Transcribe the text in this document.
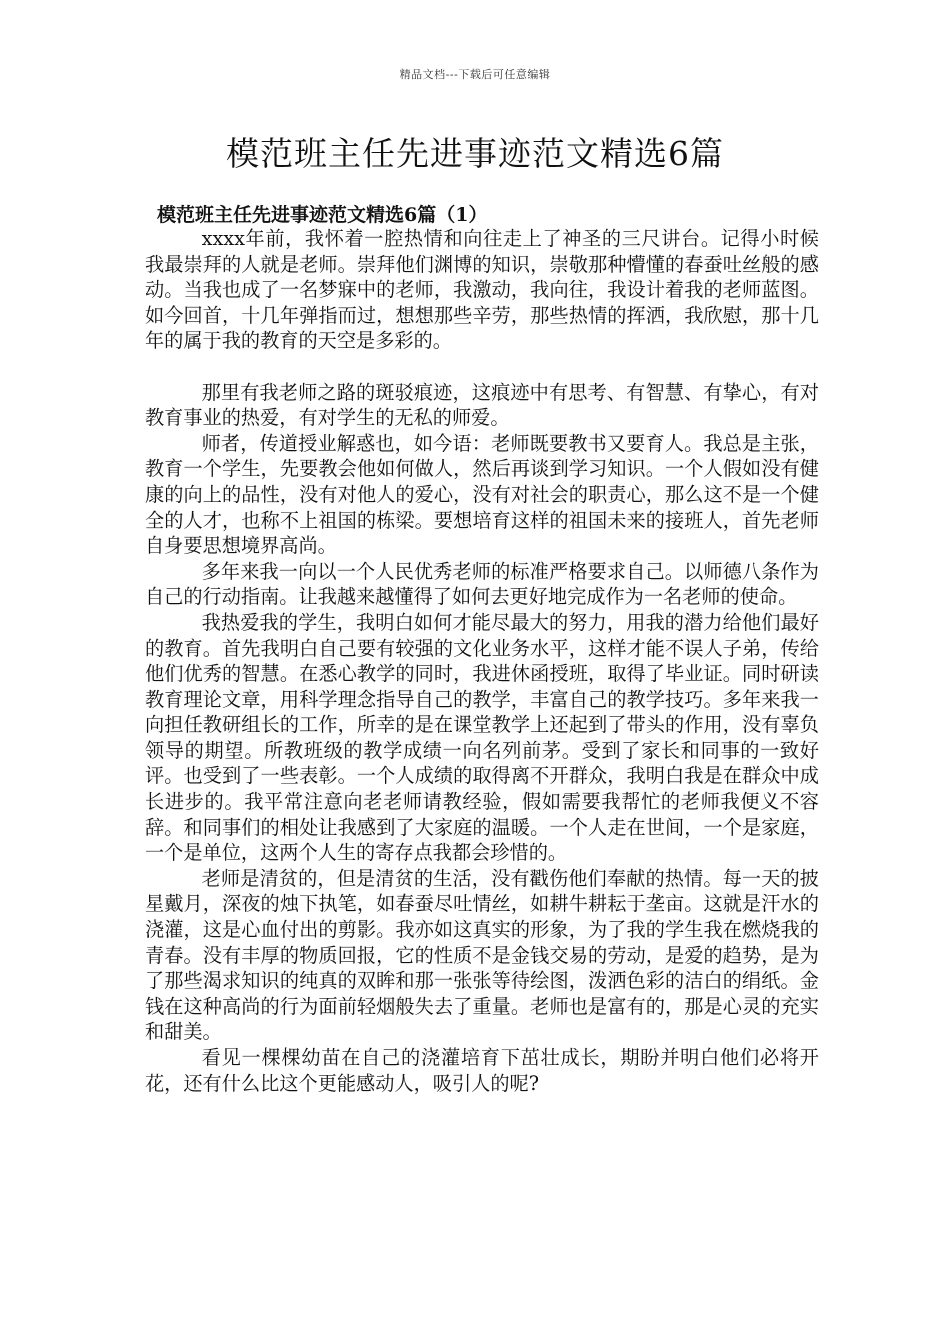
精品文档---下载后可任意编辑
模范班主任先进事迹范文精选6篇
模范班主任先进事迹范文精选6篇（1）

xxxx年前，我怀着一腔热情和向往走上了神圣的三尺讲台。记得小时候我最崇拜的人就是老师。崇拜他们渊博的知识，崇敬那种懵懂的春蚕吐丝般的感动。当我也成了一名梦寐中的老师，我激动，我向往，我设计着我的老师蓝图。如今回首，十几年弹指而过，想想那些辛劳，那些热情的挥洒，我欣慰，那十几年的属于我的教育的天空是多彩的。

那里有我老师之路的斑驳痕迹，这痕迹中有思考、有智慧、有挚心，有对教育事业的热爱，有对学生的无私的师爱。

师者，传道授业解惑也，如今语：老师既要教书又要育人。我总是主张，教育一个学生，先要教会他如何做人，然后再谈到学习知识。一个人假如没有健康的向上的品性，没有对他人的爱心，没有对社会的职责心，那么这不是一个健全的人才，也称不上祖国的栋梁。要想培育这样的祖国未来的接班人，首先老师自身要思想境界高尚。

多年来我一向以一个人民优秀老师的标准严格要求自己。以师德八条作为自己的行动指南。让我越来越懂得了如何去更好地完成作为一名老师的使命。

我热爱我的学生，我明白如何才能尽最大的努力，用我的潜力给他们最好的教育。首先我明白自己要有较强的文化业务水平，这样才能不误人子弟，传给他们优秀的智慧。在悉心教学的同时，我进休函授班，取得了毕业证。同时研读教育理论文章，用科学理念指导自己的教学，丰富自己的教学技巧。多年来我一向担任教研组长的工作，所幸的是在课堂教学上还起到了带头的作用，没有辜负领导的期望。所教班级的教学成绩一向名列前茅。受到了家长和同事的一致好评。也受到了一些表彰。一个人成绩的取得离不开群众，我明白我是在群众中成长进步的。我平常注意向老老师请教经验，假如需要我帮忙的老师我便义不容辞。和同事们的相处让我感到了大家庭的温暖。一个人走在世间，一个是家庭，一个是单位，这两个人生的寄存点我都会珍惜的。

老师是清贫的，但是清贫的生活，没有戳伤他们奉献的热情。每一天的披星戴月，深夜的烛下执笔，如春蚕尽吐情丝，如耕牛耕耘于垄亩。这就是汗水的浇灌，这是心血付出的剪影。我亦如这真实的形象，为了我的学生我在燃烧我的青春。没有丰厚的物质回报，它的性质不是金钱交易的劳动，是爱的趋势，是为了那些渴求知识的纯真的双眸和那一张张等待绘图，泼洒色彩的洁白的绢纸。金钱在这种高尚的行为面前轻烟般失去了重量。老师也是富有的，那是心灵的充实和甜美。

看见一棵棵幼苗在自己的浇灌培育下茁壮成长，期盼并明白他们必将开花，还有什么比这个更能感动人，吸引人的呢?
